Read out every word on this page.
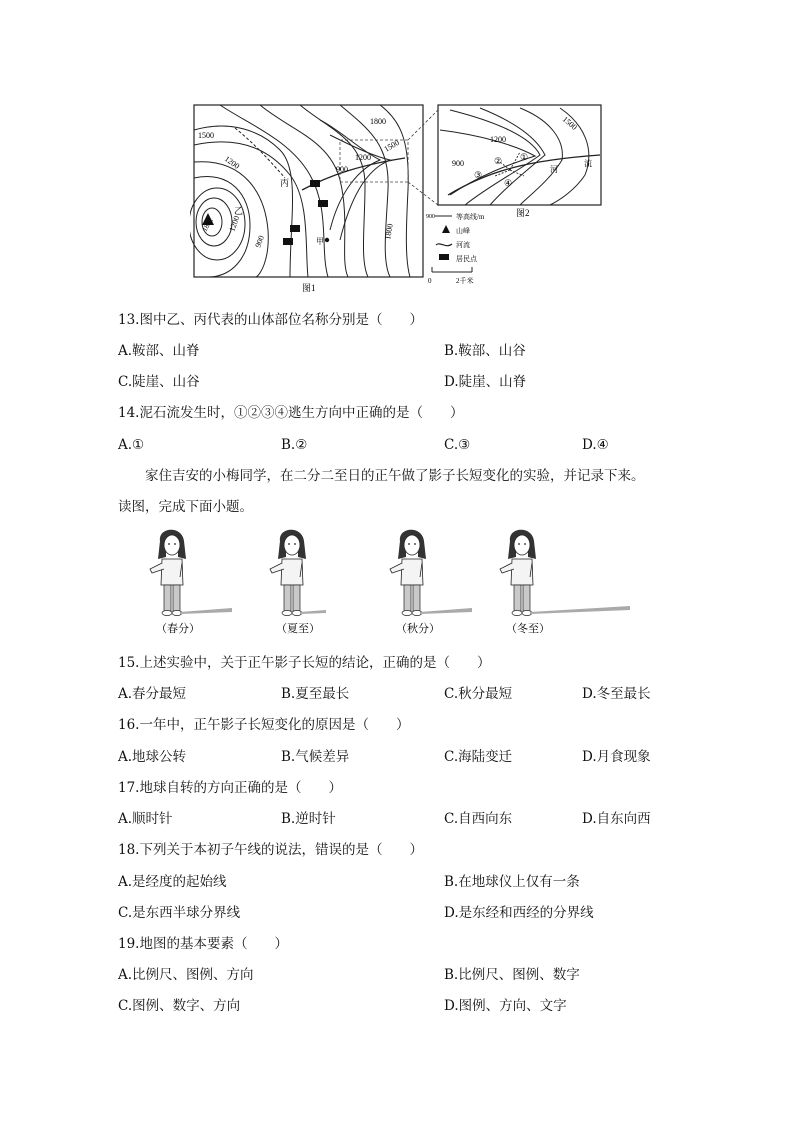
1500
1200
1800
1500
1200
900
1200
900
1800
1882
乙
丙
甲
图1
1500
1200
900
河
流
①
②
③
④
图2
900	等高线/m
山峰
河流
居民点
0	2千米
13.图中乙、丙代表的山体部位名称分别是（　　）
A.鞍部、山脊	B.鞍部、山谷
C.陡崖、山谷	D.陡崖、山脊
14.泥石流发生时，①②③④逃生方向中正确的是（　　）
A.①	B.②	C.③	D.④
家住吉安的小梅同学，在二分二至日的正午做了影子长短变化的实验，并记录下来。
读图，完成下面小题。
（春分）	（夏至）	（秋分）	（冬至）
15.上述实验中，关于正午影子长短的结论，正确的是（　　）
A.春分最短	B.夏至最长	C.秋分最短	D.冬至最长
16.一年中，正午影子长短变化的原因是（　　）
A.地球公转	B.气候差异	C.海陆变迁	D.月食现象
17.地球自转的方向正确的是（　　）
A.顺时针	B.逆时针	C.自西向东	D.自东向西
18.下列关于本初子午线的说法，错误的是（　　）
A.是经度的起始线	B.在地球仪上仅有一条
C.是东西半球分界线	D.是东经和西经的分界线
19.地图的基本要素（　　）
A.比例尺、图例、方向	B.比例尺、图例、数字
C.图例、数字、方向	D.图例、方向、文字
